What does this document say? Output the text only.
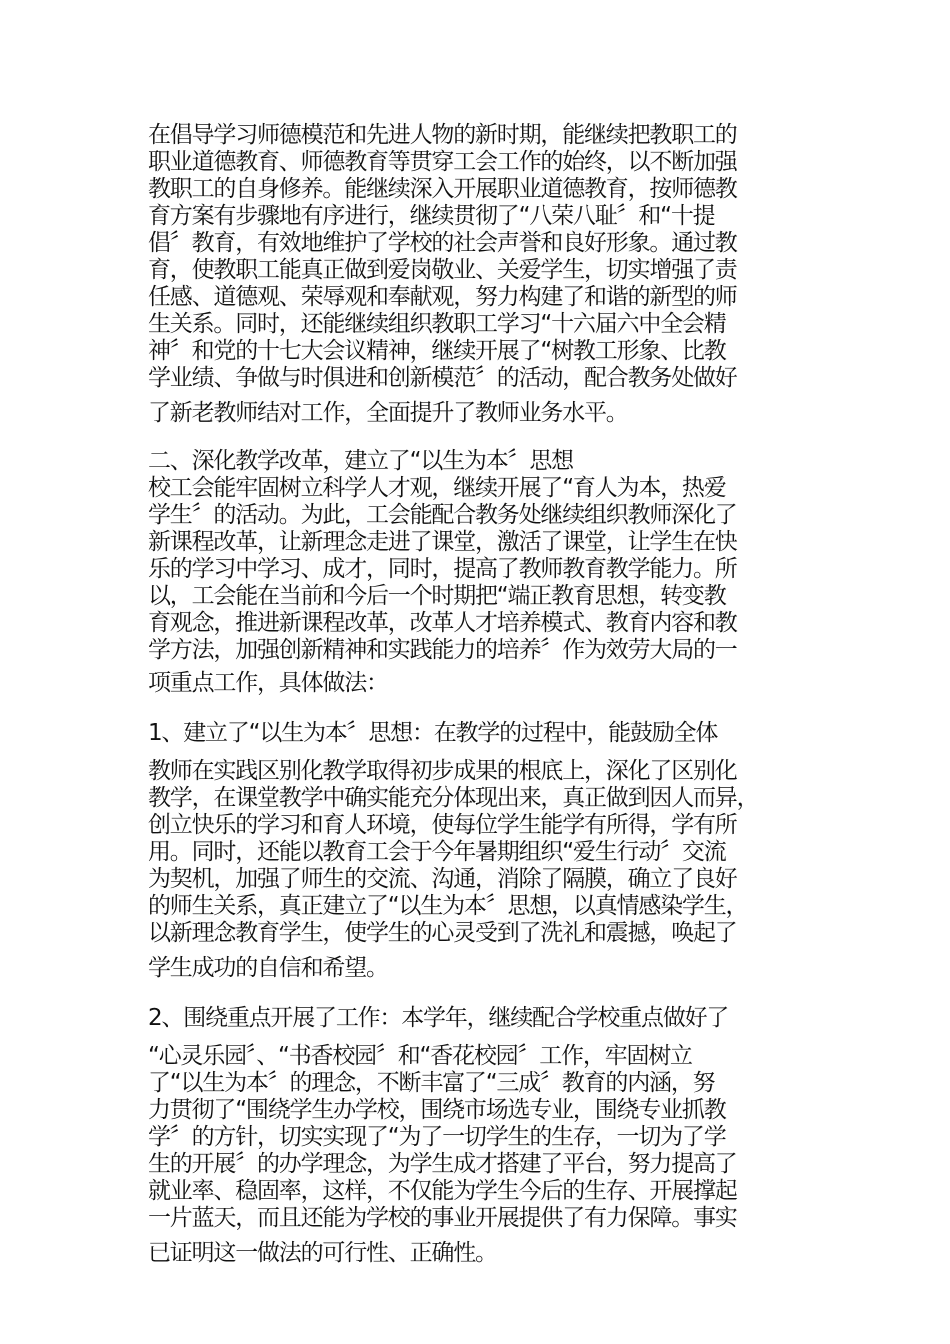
在倡导学习师德模范和先进人物的新时期，能继续把教职工的
职业道德教育、师德教育等贯穿工会工作的始终，以不断加强
教职工的自身修养。能继续深入开展职业道德教育，按师德教
育方案有步骤地有序进行，继续贯彻了“八荣八耻〞和“十提
倡〞教育，有效地维护了学校的社会声誉和良好形象。通过教
育，使教职工能真正做到爱岗敬业、关爱学生，切实增强了责
任感、道德观、荣辱观和奉献观，努力构建了和谐的新型的师
生关系。同时，还能继续组织教职工学习“十六届六中全会精
神〞和党的十七大会议精神，继续开展了“树教工形象、比教
学业绩、争做与时俱进和创新模范〞的活动，配合教务处做好
了新老教师结对工作，全面提升了教师业务水平。
二、深化教学改革，建立了“以生为本〞思想
校工会能牢固树立科学人才观，继续开展了“育人为本，热爱
学生〞的活动。为此，工会能配合教务处继续组织教师深化了
新课程改革，让新理念走进了课堂，激活了课堂，让学生在快
乐的学习中学习、成才，同时，提高了教师教育教学能力。所
以，工会能在当前和今后一个时期把“端正教育思想，转变教
育观念，推进新课程改革，改革人才培养模式、教育内容和教
学方法，加强创新精神和实践能力的培养〞作为效劳大局的一
项重点工作，具体做法：
1、建立了“以生为本〞思想：在教学的过程中，能鼓励全体
教师在实践区别化教学取得初步成果的根底上，深化了区别化
教学，在课堂教学中确实能充分体现出来，真正做到因人而异，
创立快乐的学习和育人环境，使每位学生能学有所得，学有所
用。同时，还能以教育工会于今年暑期组织“爱生行动〞交流
为契机，加强了师生的交流、沟通，消除了隔膜，确立了良好
的师生关系，真正建立了“以生为本〞思想，以真情感染学生，
以新理念教育学生，使学生的心灵受到了洗礼和震撼，唤起了
学生成功的自信和希望。
2、围绕重点开展了工作：本学年，继续配合学校重点做好了
“心灵乐园〞、“书香校园〞和“香花校园〞工作，牢固树立
了“以生为本〞的理念，不断丰富了“三成〞教育的内涵，努
力贯彻了“围绕学生办学校，围绕市场选专业，围绕专业抓教
学〞的方针，切实实现了“为了一切学生的生存，一切为了学
生的开展〞的办学理念，为学生成才搭建了平台，努力提高了
就业率、稳固率，这样，不仅能为学生今后的生存、开展撑起
一片蓝天，而且还能为学校的事业开展提供了有力保障。事实
已证明这一做法的可行性、正确性。
